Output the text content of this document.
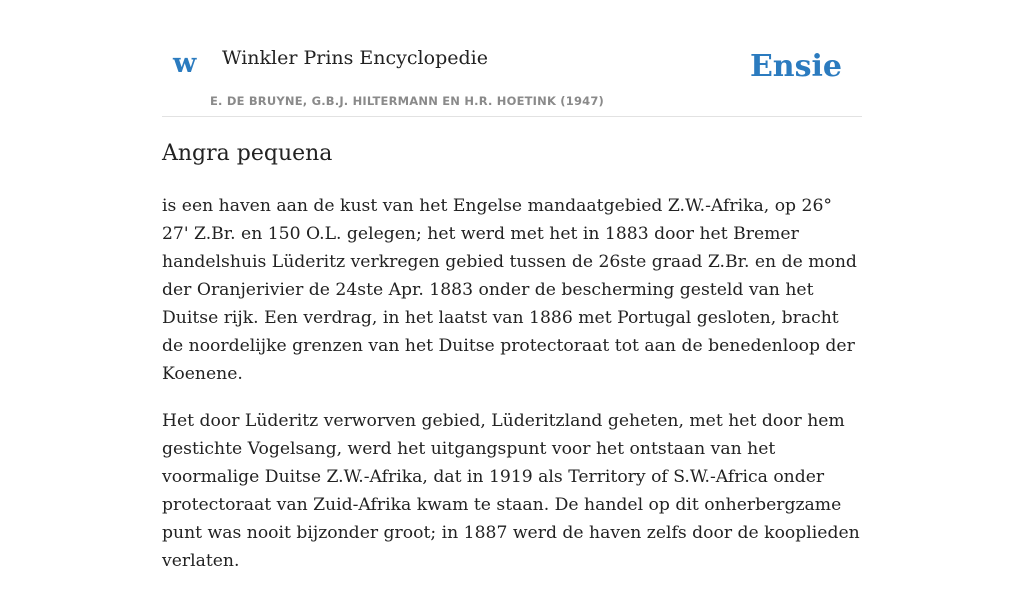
w Winkler Prins Encyclopedie
E. DE BRUYNE, G.B.J. HILTERMANN EN H.R. HOETINK (1947)
Ensie
Angra pequena

is een haven aan de kust van het Engelse mandaatgebied Z.W.-Afrika, op 26° 27' Z.Br. en 150 O.L. gelegen; het werd met het in 1883 door het Bremer handelshuis Lüderitz verkregen gebied tussen de 26ste graad Z.Br. en de mond der Oranjerivier de 24ste Apr. 1883 onder de bescherming gesteld van het Duitse rijk. Een verdrag, in het laatst van 1886 met Portugal gesloten, bracht de noordelijke grenzen van het Duitse protectoraat tot aan de benedenloop der Koenene.

Het door Lüderitz verworven gebied, Lüderitzland geheten, met het door hem gestichte Vogelsang, werd het uitgangspunt voor het ontstaan van het voormalige Duitse Z.W.-Afrika, dat in 1919 als Territory of S.W.-Africa onder protectoraat van Zuid-Afrika kwam te staan. De handel op dit onherbergzame punt was nooit bijzonder groot; in 1887 werd de haven zelfs door de kooplieden verlaten.
